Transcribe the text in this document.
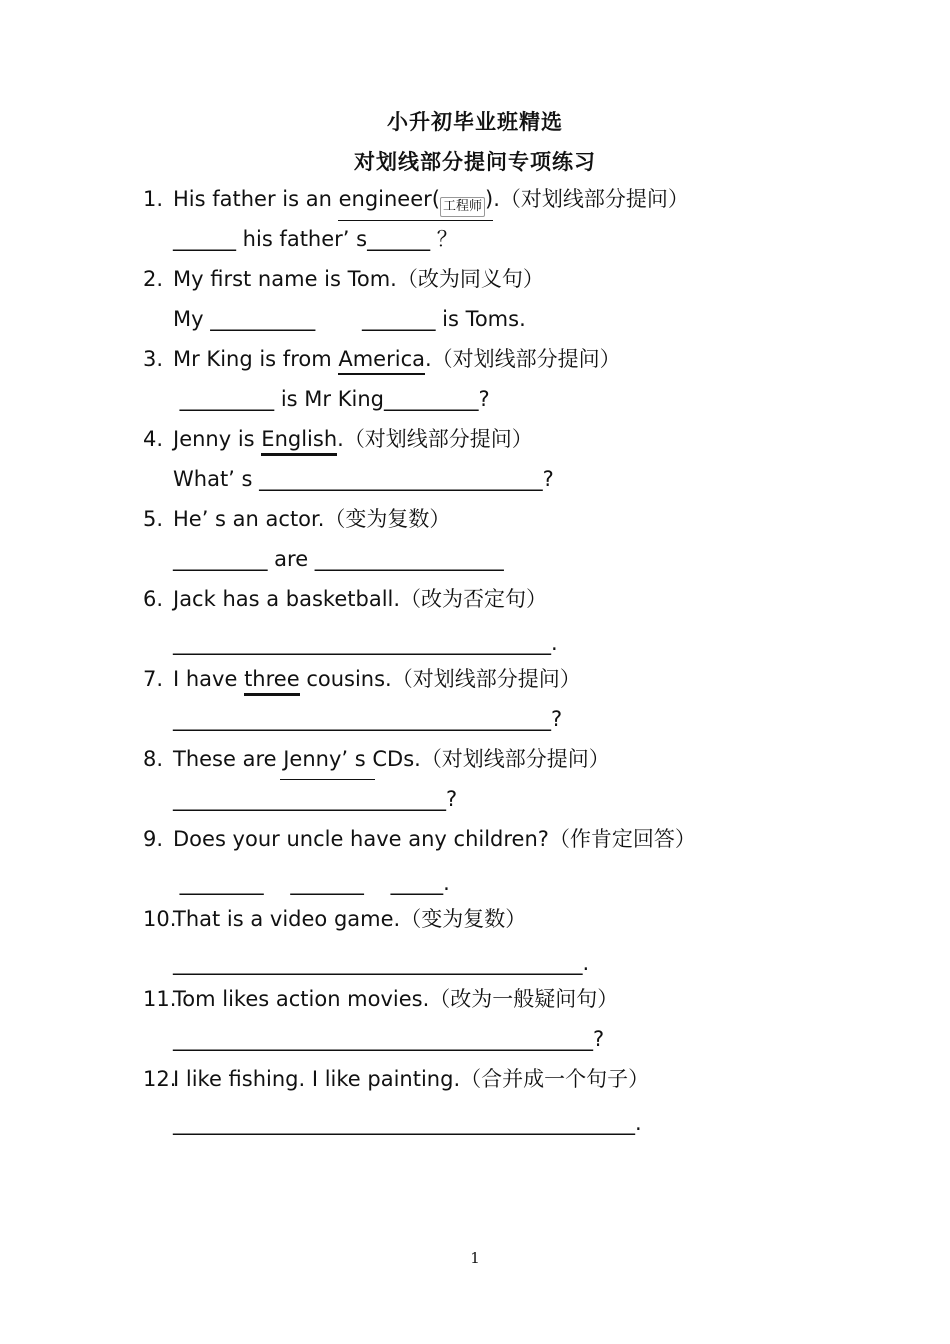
小升初毕业班精选
对划线部分提问专项练习
1. His father is an engineer( 工程师 ).（对划线部分提问）
______ his father’ s______ ？
2. My first name is Tom.（改为同义句）
My __________       _______ is Toms.
3. Mr King is from America.（对划线部分提问）
_________ is Mr King_________?
4. Jenny is English.（对划线部分提问）
What’ s ___________________________?
5. He’ s an actor.（变为复数）
_________ are __________________
6. Jack has a basketball.（改为否定句）
____________________________________.
7. I have three cousins.（对划线部分提问）
____________________________________?
8. These are Jenny’ s CDs.（对划线部分提问）
__________________________?
9. Does your uncle have any children?（作肯定回答）
________    _______    _____.
10.That is a video game.（变为复数）
_______________________________________.
11.Tom likes action movies.（改为一般疑问句）
________________________________________?
12.I like fishing. I like painting.（合并成一个句子）
____________________________________________.
1
